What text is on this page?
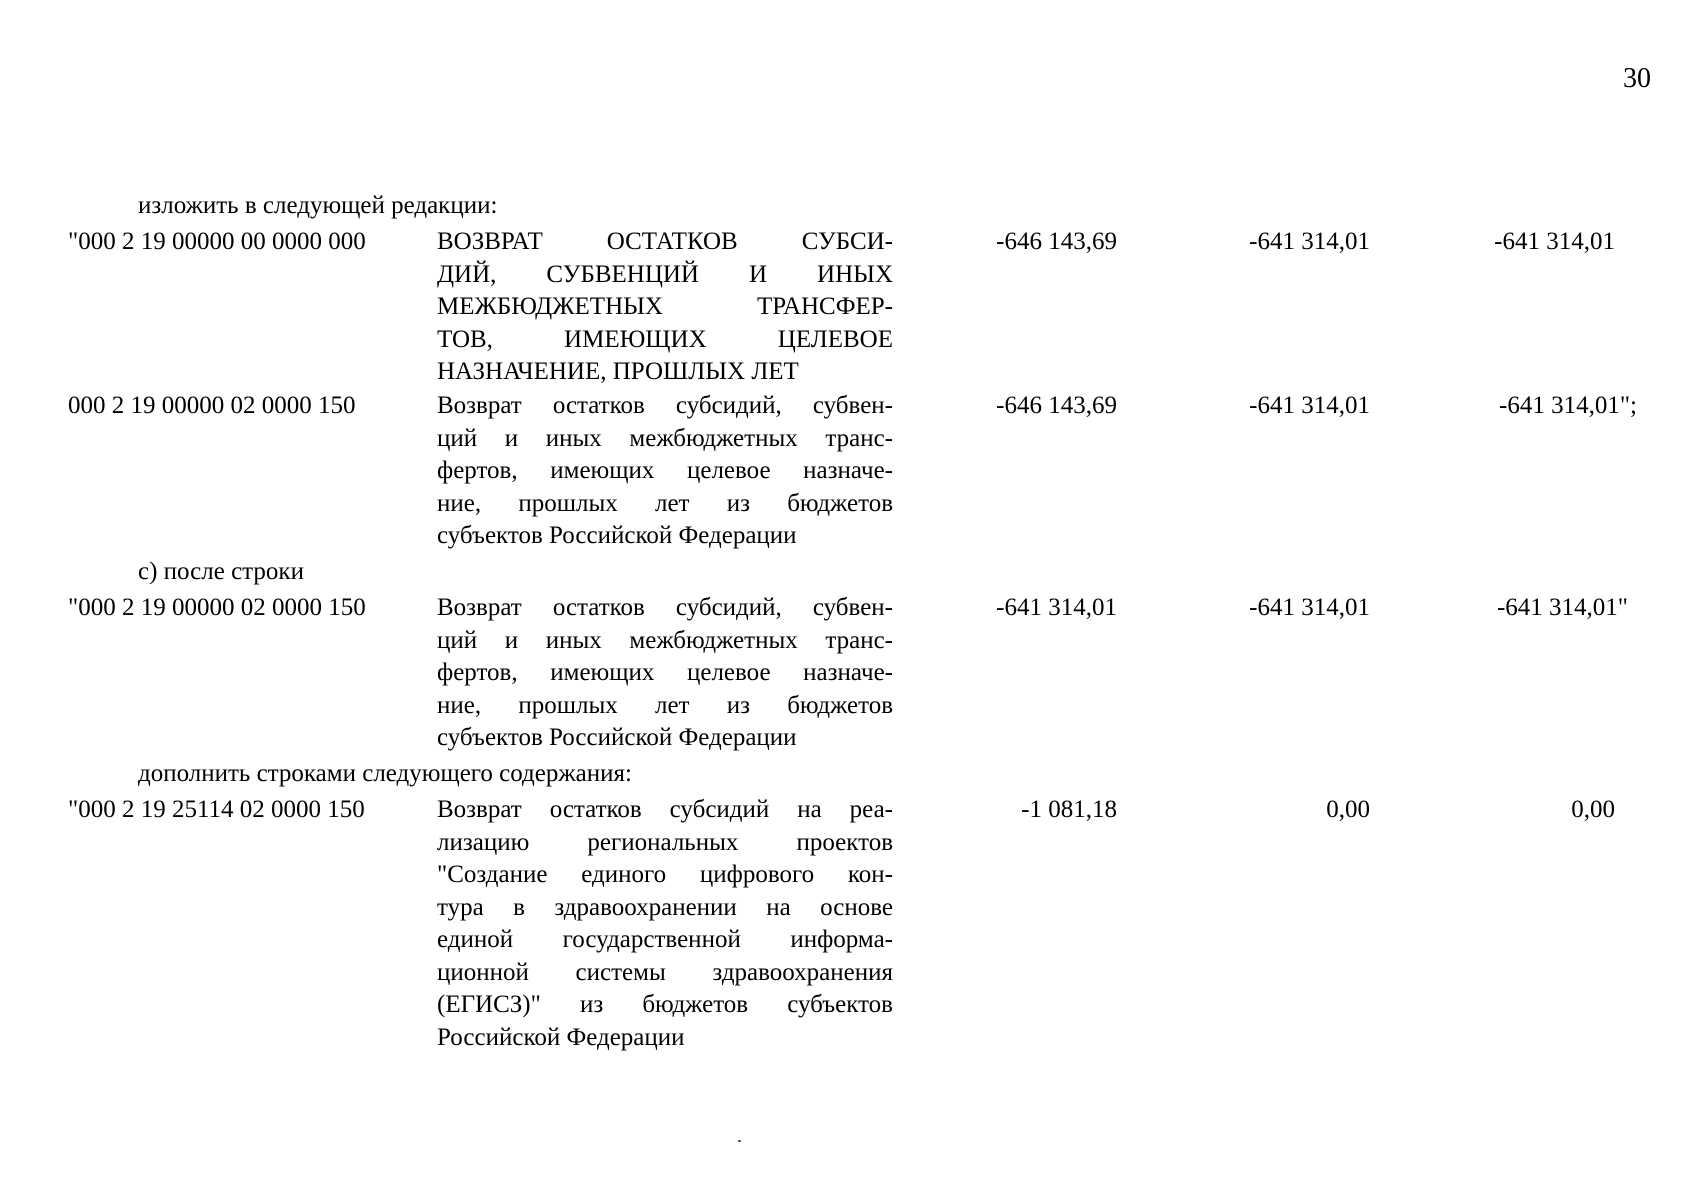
30
изложить в следующей редакции:
"000 2 19 00000 00 0000 000	ВОЗВРАТ ОСТАТКОВ СУБСИ-
ДИЙ, СУБВЕНЦИЙ И ИНЫХ
МЕЖБЮДЖЕТНЫХ ТРАНСФЕР-
ТОВ, ИМЕЮЩИХ ЦЕЛЕВОЕ
НАЗНАЧЕНИЕ, ПРОШЛЫХ ЛЕТ
-646 143,69	-641 314,01	-641 314,01
000 2 19 00000 02 0000 150	Возврат остатков субсидий, субвен-
ций и иных межбюджетных транс-
фертов, имеющих целевое назначе-
ние, прошлых лет из бюджетов
субъектов Российской Федерации
-646 143,69	-641 314,01	-641 314,01";
с) после строки
"000 2 19 00000 02 0000 150	Возврат остатков субсидий, субвен-
ций и иных межбюджетных транс-
фертов, имеющих целевое назначе-
ние, прошлых лет из бюджетов
субъектов Российской Федерации
-641 314,01	-641 314,01	-641 314,01"
дополнить строками следующего содержания:
"000 2 19 25114 02 0000 150	Возврат остатков субсидий на реа-
лизацию региональных проектов
"Создание единого цифрового кон-
тура в здравоохранении на основе
единой государственной информа-
ционной системы здравоохранения
(ЕГИСЗ)" из бюджетов субъектов
Российской Федерации
-1 081,18	0,00	0,00
